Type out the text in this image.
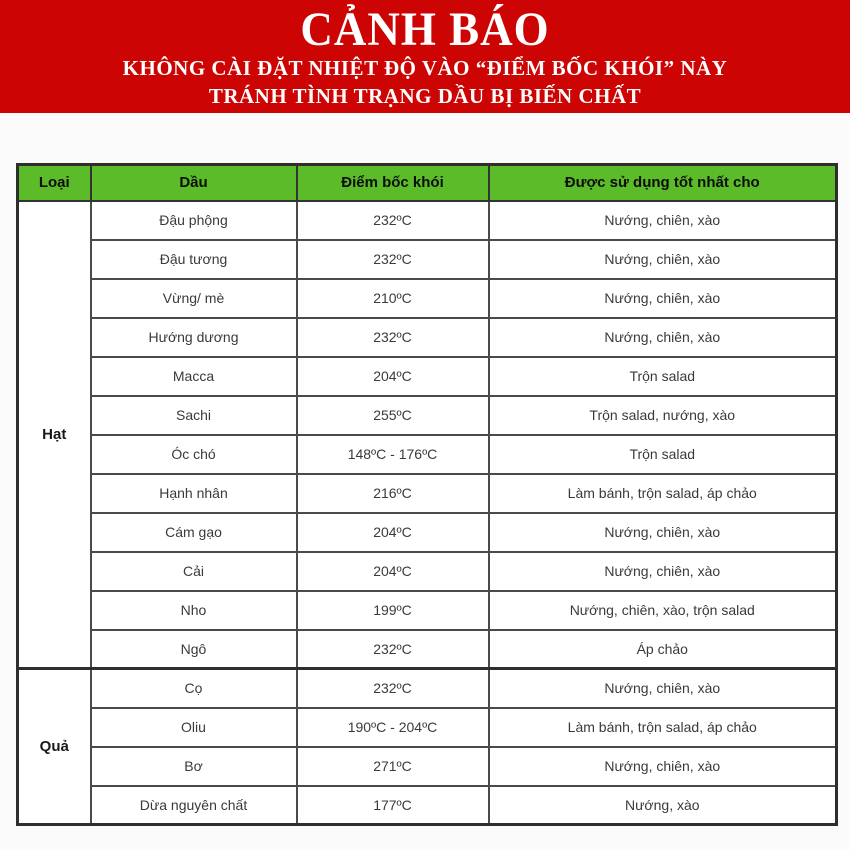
CẢNH BÁO
KHÔNG CÀI ĐẶT NHIỆT ĐỘ VÀO “ĐIỂM BỐC KHÓI” NÀY
TRÁNH TÌNH TRẠNG DẦU BỊ BIẾN CHẤT
Loại	Dầu	Điểm bốc khói	Được sử dụng tốt nhất cho
Hạt	Đậu phộng	232ºC	Nướng, chiên, xào
	Đậu tương	232ºC	Nướng, chiên, xào
	Vừng/ mè	210ºC	Nướng, chiên, xào
	Hướng dương	232ºC	Nướng, chiên, xào
	Macca	204ºC	Trộn salad
	Sachi	255ºC	Trộn salad, nướng, xào
	Óc chó	148ºC - 176ºC	Trộn salad
	Hạnh nhân	216ºC	Làm bánh, trộn salad, áp chảo
	Cám gạo	204ºC	Nướng, chiên, xào
	Cải	204ºC	Nướng, chiên, xào
	Nho	199ºC	Nướng, chiên, xào, trộn salad
	Ngô	232ºC	Áp chảo
Quả	Cọ	232ºC	Nướng, chiên, xào
	Oliu	190ºC - 204ºC	Làm bánh, trộn salad, áp chảo
	Bơ	271ºC	Nướng, chiên, xào
	Dừa nguyên chất	177ºC	Nướng, xào
